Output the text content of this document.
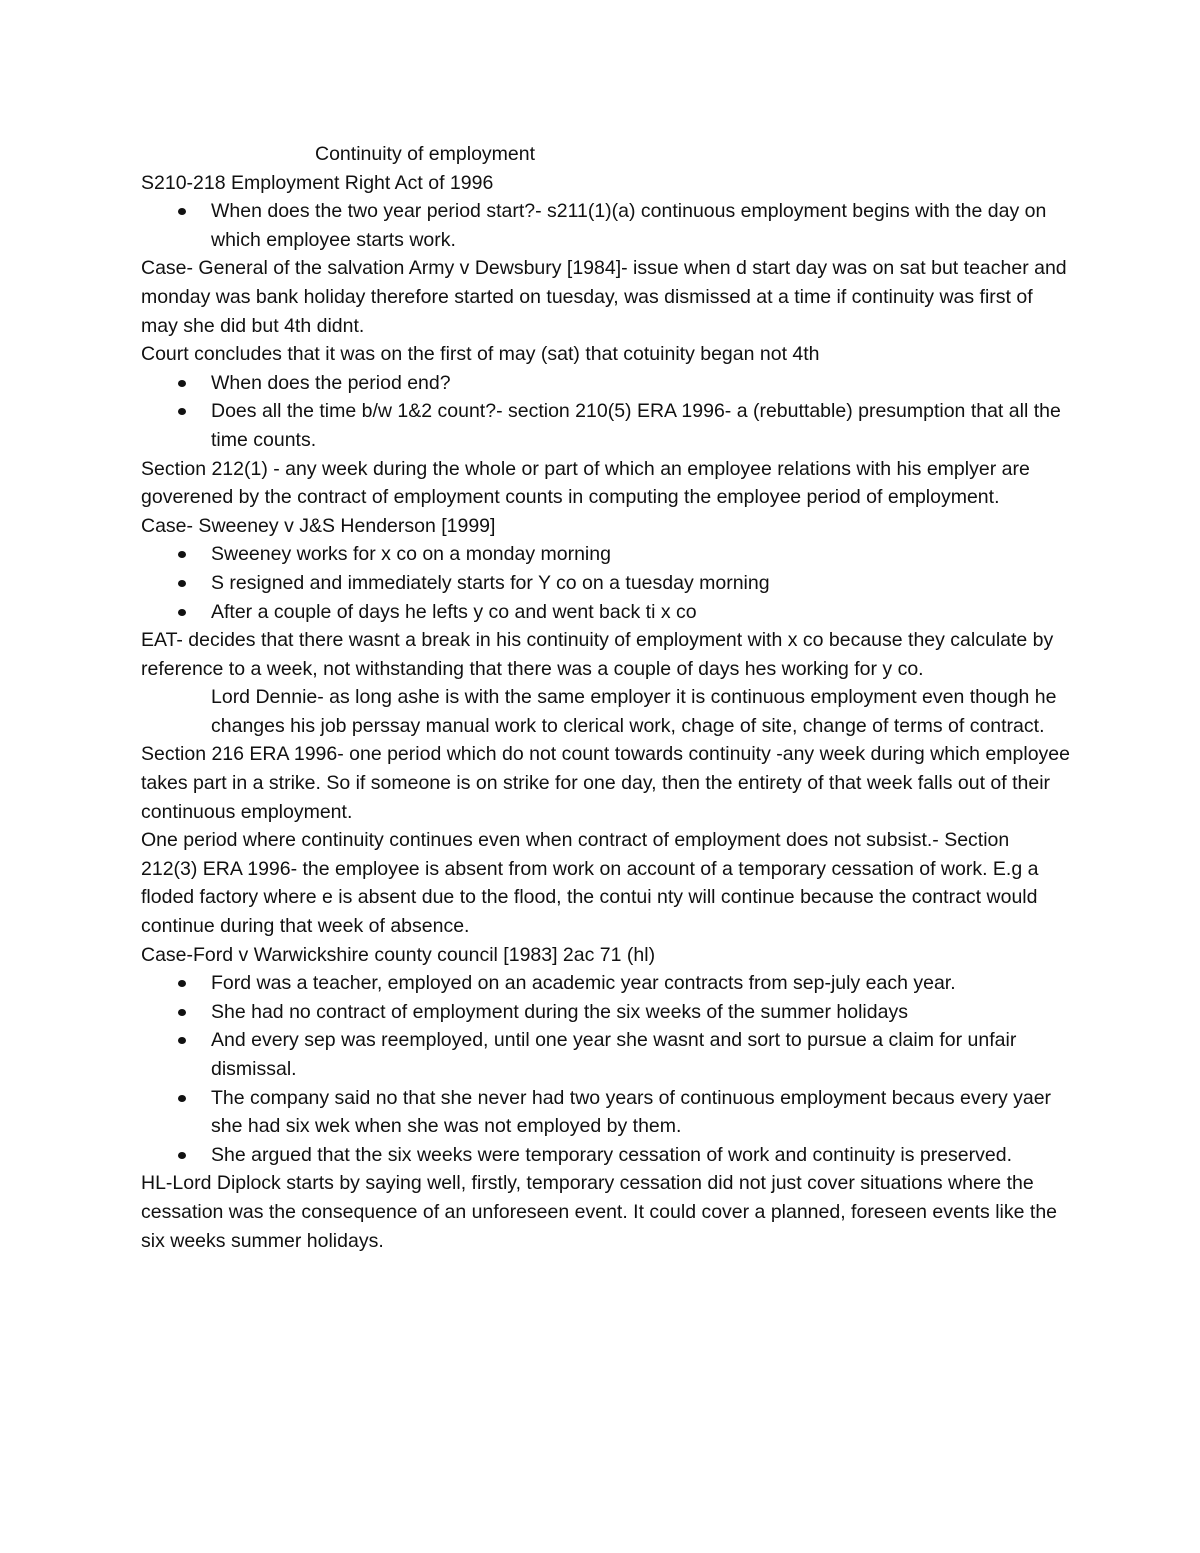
Continuity of employment

S210-218 Employment Right Act of 1996

When does the two year period start?- s211(1)(a) continuous employment begins with the day on which employee starts work.

Case- General of the salvation Army v Dewsbury [1984]- issue when d start day was on sat but teacher and monday was bank holiday therefore started on tuesday, was dismissed at a time if continuity was first of may she did but 4th didnt.

Court concludes that it was on the first of may (sat) that cotuinity began not 4th

When does the period end?
Does all the time b/w 1&2 count?- section 210(5) ERA 1996- a (rebuttable) presumption that all the time counts.

Section 212(1) - any week during the whole or part of which an employee relations with his emplyer are goverened by the contract of employment counts in computing the employee period of employment.

Case- Sweeney v J&S Henderson [1999]

Sweeney works for x co on a monday morning
S resigned and immediately starts for Y co on a tuesday morning
After a couple of days he lefts y co and went back ti x co

EAT- decides that there wasnt a break in his continuity of employment with x co because they calculate by reference to a week, not withstanding that there was a couple of days hes working for y co.

Lord Dennie- as long ashe is with the same employer it is continuous employment even though he changes his job perssay manual work to clerical work, chage of site, change of terms of contract.

Section 216 ERA 1996- one period which do not count towards continuity -any week during which employee takes part in a strike. So if someone is on strike for one day, then the entirety of that week falls out of their continuous employment.

One period where continuity continues even when contract of employment does not subsist.- Section 212(3) ERA 1996- the employee is absent from work on account of a temporary cessation of work. E.g a floded factory where e is absent due to the flood, the contui nty will continue because the contract would continue during that week of absence.

Case-Ford v Warwickshire county council [1983] 2ac 71 (hl)

Ford was a teacher, employed on an academic year contracts from sep-july each year.
She had no contract of employment during the six weeks of the summer holidays
And every sep was reemployed, until one year she wasnt and sort to pursue a claim for unfair dismissal.
The company said no that she never had two years of continuous employment becaus every yaer she had six wek when she was not employed by them.
She argued that the six weeks were temporary cessation of work and continuity is preserved.

HL-Lord Diplock starts by saying well, firstly, temporary cessation did not just cover situations where the cessation was the consequence of an unforeseen event. It could cover a planned, foreseen events like the six weeks summer holidays.
